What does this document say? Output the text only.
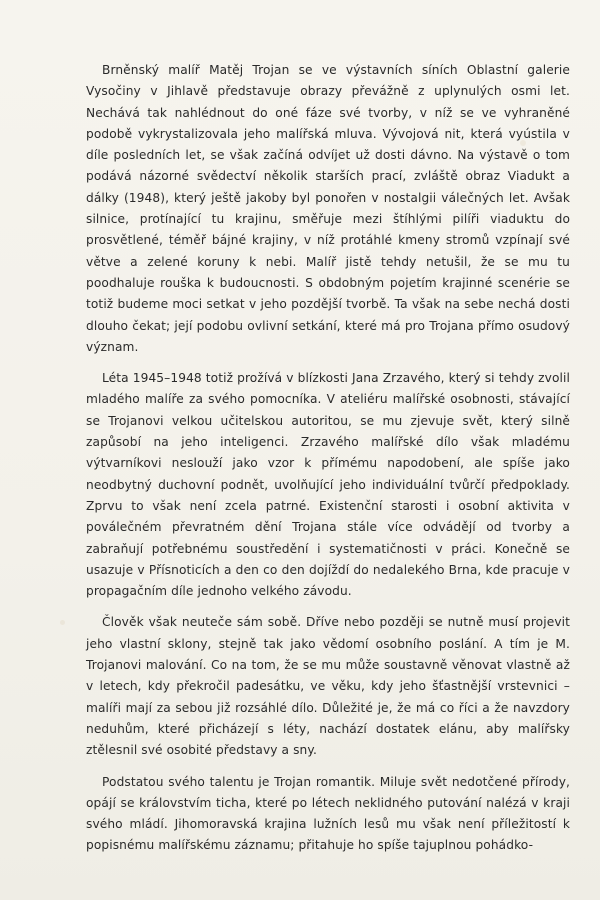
Brněnský malíř Matěj Trojan se ve výstavních síních Oblastní galerie Vysočiny v Jihlavě představuje obrazy převážně z uplynulých osmi let. Nechává tak nahlédnout do oné fáze své tvorby, v níž se ve vyhraněné podobě vykrystalizovala jeho malířská mluva. Vývojová nit, která vyústila v díle posledních let, se však začíná odvíjet už dosti dávno. Na výstavě o tom podává názorné svědectví několik starších prací, zvláště obraz Viadukt a dálky (1948), který ještě jakoby byl ponořen v nostalgii válečných let. Avšak silnice, protínající tu krajinu, směřuje mezi štíhlými pilíři viaduktu do prosvětlené, téměř bájné krajiny, v níž protáhlé kmeny stromů vzpínají své větve a zelené koruny k nebi. Malíř jistě tehdy netušil, že se mu tu poodhaluje rouška k budoucnosti. S obdobným pojetím krajinné scenérie se totiž budeme moci setkat v jeho pozdější tvorbě. Ta však na sebe nechá dosti dlouho čekat; její podobu ovlivní setkání, které má pro Trojana přímo osudový význam.

Léta 1945–1948 totiž prožívá v blízkosti Jana Zrzavého, který si tehdy zvolil mladého malíře za svého pomocníka. V ateliéru malířské osobnosti, stávající se Trojanovi velkou učitelskou autoritou, se mu zjevuje svět, který silně zapůsobí na jeho inteligenci. Zrzavého malířské dílo však mladému výtvarníkovi neslouží jako vzor k přímému napodobení, ale spíše jako neodbytný duchovní podnět, uvolňující jeho individuální tvůrčí předpoklady. Zprvu to však není zcela patrné. Existenční starosti i osobní aktivita v poválečném převratném dění Trojana stále více odvádějí od tvorby a zabraňují potřebnému soustředění i systematičnosti v práci. Konečně se usazuje v Přísnoticích a den co den dojíždí do nedalekého Brna, kde pracuje v propagačním díle jednoho velkého závodu.

Člověk však neuteče sám sobě. Dříve nebo později se nutně musí projevit jeho vlastní sklony, stejně tak jako vědomí osobního poslání. A tím je M. Trojanovi malování. Co na tom, že se mu může soustavně věnovat vlastně až v letech, kdy překročil padesátku, ve věku, kdy jeho šťastnější vrstevnici – malíři mají za sebou již rozsáhlé dílo. Důležité je, že má co říci a že navzdory neduhům, které přicházejí s léty, nachází dostatek elánu, aby malířsky ztělesnil své osobité představy a sny.

Podstatou svého talentu je Trojan romantik. Miluje svět nedotčené přírody, opájí se královstvím ticha, které po létech neklidného putování nalézá v kraji svého mládí. Jihomoravská krajina lužních lesů mu však není příležitostí k popisnému malířskému záznamu; přitahuje ho spíše tajuplnou pohádko-
